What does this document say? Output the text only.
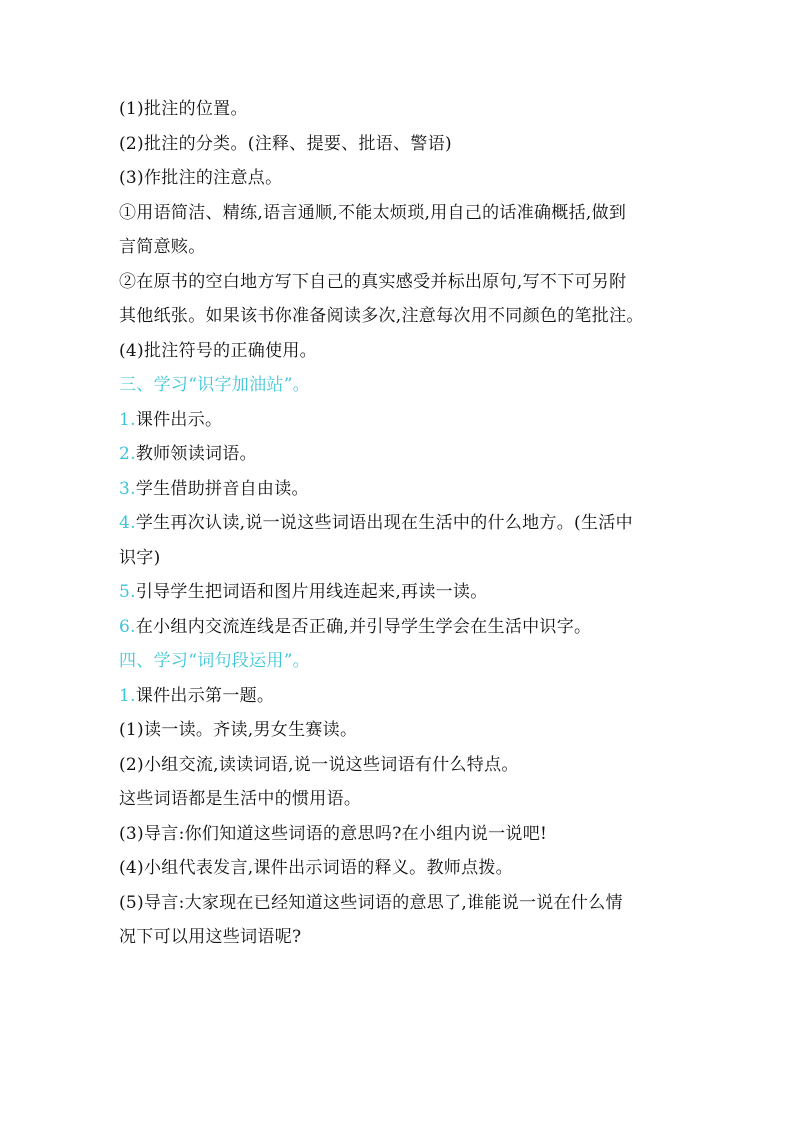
(1)批注的位置。
(2)批注的分类。(注释、提要、批语、警语)
(3)作批注的注意点。
①用语简洁、精练,语言通顺,不能太烦琐,用自己的话准确概括,做到
言简意赅。
②在原书的空白地方写下自己的真实感受并标出原句,写不下可另附
其他纸张。如果该书你准备阅读多次,注意每次用不同颜色的笔批注。
(4)批注符号的正确使用。
三、学习“识字加油站”。
1.课件出示。
2.教师领读词语。
3.学生借助拼音自由读。
4.学生再次认读,说一说这些词语出现在生活中的什么地方。(生活中
识字)
5.引导学生把词语和图片用线连起来,再读一读。
6.在小组内交流连线是否正确,并引导学生学会在生活中识字。
四、学习“词句段运用”。
1.课件出示第一题。
(1)读一读。齐读,男女生赛读。
(2)小组交流,读读词语,说一说这些词语有什么特点。
这些词语都是生活中的惯用语。
(3)导言:你们知道这些词语的意思吗?在小组内说一说吧!
(4)小组代表发言,课件出示词语的释义。教师点拨。
(5)导言:大家现在已经知道这些词语的意思了,谁能说一说在什么情
况下可以用这些词语呢?
